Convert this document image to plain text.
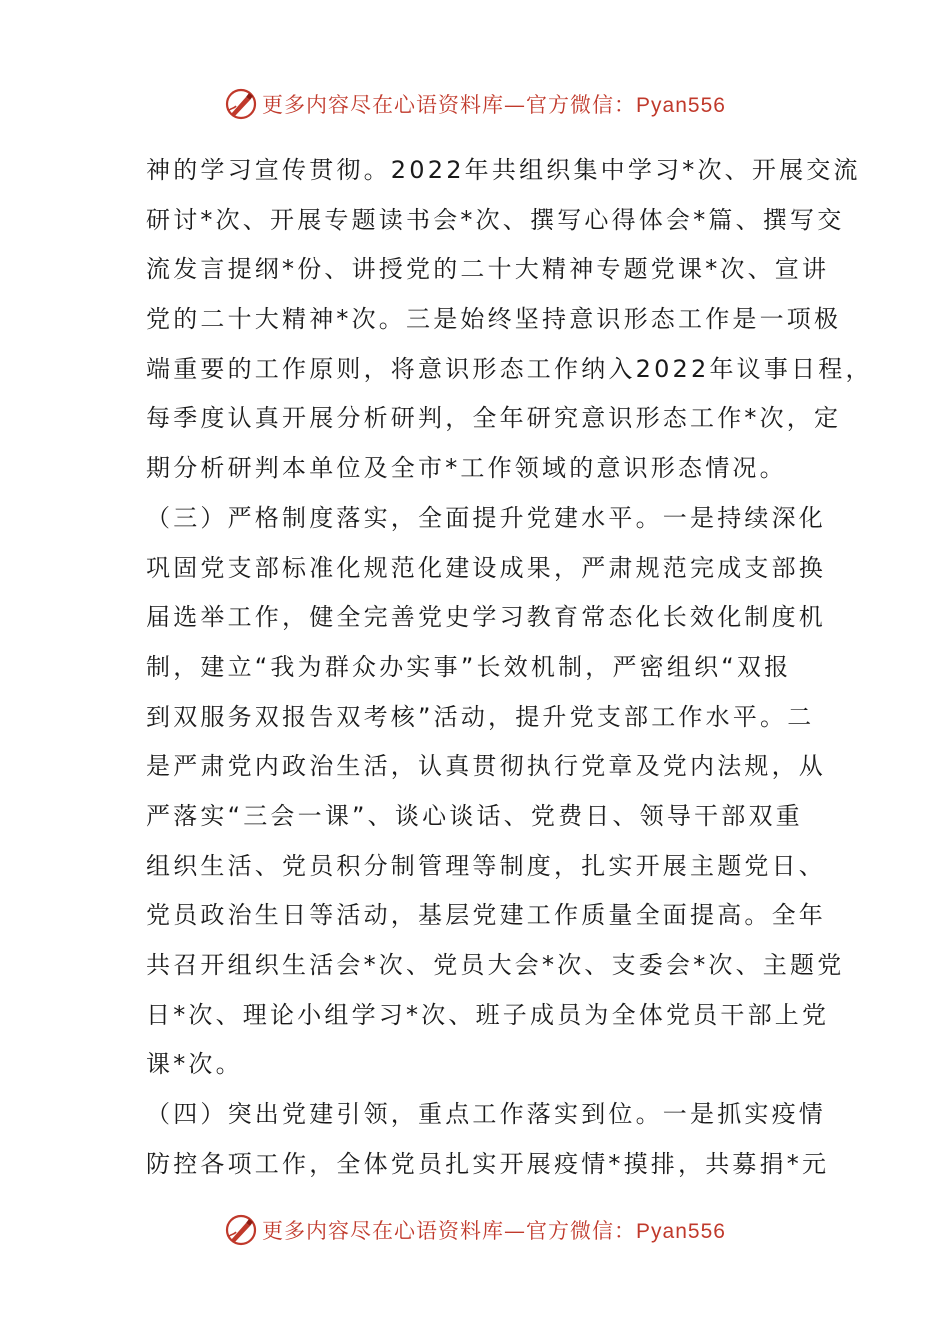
更多内容尽在心语资料库—官方微信：Pyan556
神的学习宣传贯彻。2022年共组织集中学习*次、开展交流
研讨*次、开展专题读书会*次、撰写心得体会*篇、撰写交
流发言提纲*份、讲授党的二十大精神专题党课*次、宣讲
党的二十大精神*次。三是始终坚持意识形态工作是一项极
端重要的工作原则，将意识形态工作纳入2022年议事日程，
每季度认真开展分析研判，全年研究意识形态工作*次，定
期分析研判本单位及全市*工作领域的意识形态情况。
（三）严格制度落实，全面提升党建水平。一是持续深化
巩固党支部标准化规范化建设成果，严肃规范完成支部换
届选举工作，健全完善党史学习教育常态化长效化制度机
制，建立“我为群众办实事”长效机制，严密组织“双报
到双服务双报告双考核”活动，提升党支部工作水平。二
是严肃党内政治生活，认真贯彻执行党章及党内法规，从
严落实“三会一课”、谈心谈话、党费日、领导干部双重
组织生活、党员积分制管理等制度，扎实开展主题党日、
党员政治生日等活动，基层党建工作质量全面提高。全年
共召开组织生活会*次、党员大会*次、支委会*次、主题党
日*次、理论小组学习*次、班子成员为全体党员干部上党
课*次。
（四）突出党建引领，重点工作落实到位。一是抓实疫情
防控各项工作，全体党员扎实开展疫情*摸排，共募捐*元
更多内容尽在心语资料库—官方微信：Pyan556
